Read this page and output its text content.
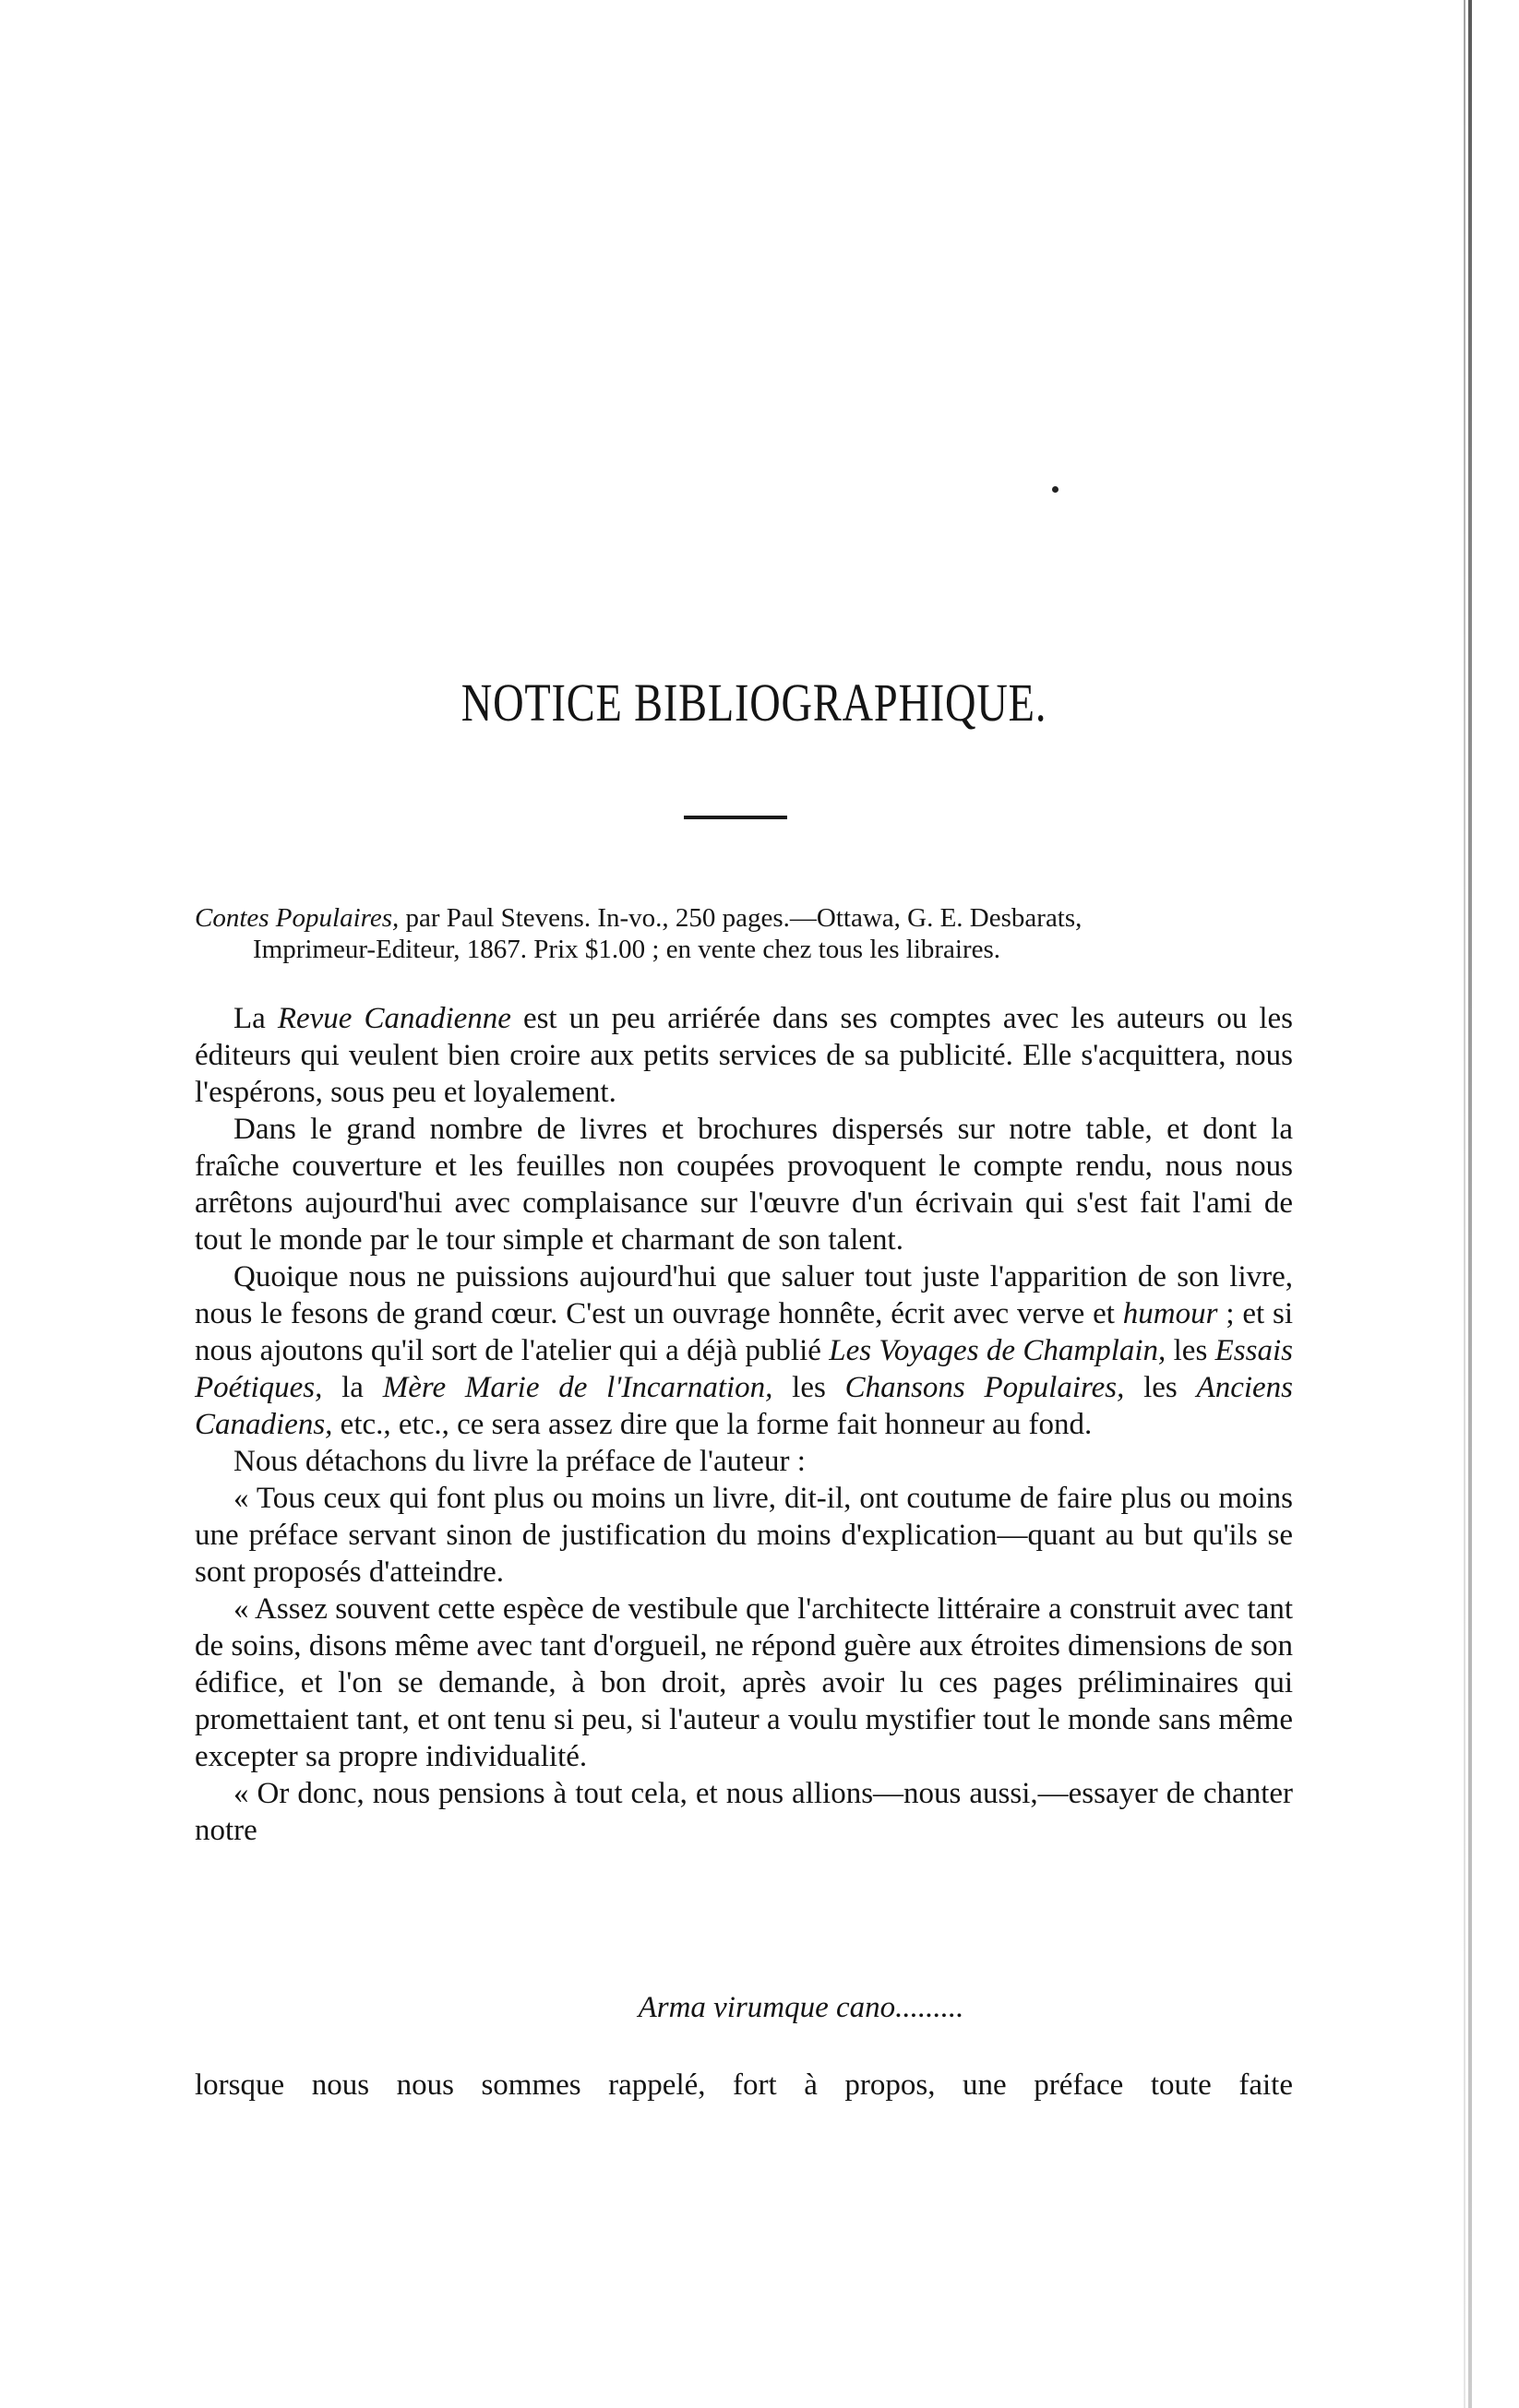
NOTICE BIBLIOGRAPHIQUE.
Contes Populaires, par Paul Stevens. In-vo., 250 pages.—Ottawa, G. E. Desbarats,
Imprimeur-Editeur, 1867. Prix $1.00 ; en vente chez tous les libraires.

La Revue Canadienne est un peu arriérée dans ses comptes avec les auteurs ou les éditeurs qui veulent bien croire aux petits services de sa publicité. Elle s'acquittera, nous l'espérons, sous peu et loyalement.

Dans le grand nombre de livres et brochures dispersés sur notre table, et dont la fraîche couverture et les feuilles non coupées provoquent le compte rendu, nous nous arrêtons aujourd'hui avec complaisance sur l'œuvre d'un écrivain qui s'est fait l'ami de tout le monde par le tour simple et charmant de son talent.

Quoique nous ne puissions aujourd'hui que saluer tout juste l'apparition de son livre, nous le fesons de grand cœur. C'est un ouvrage honnête, écrit avec verve et humour ; et si nous ajoutons qu'il sort de l'atelier qui a déjà publié Les Voyages de Champlain, les Essais Poétiques, la Mère Marie de l'Incarnation, les Chansons Populaires, les Anciens Canadiens, etc., etc., ce sera assez dire que la forme fait honneur au fond.

Nous détachons du livre la préface de l'auteur :

« Tous ceux qui font plus ou moins un livre, dit-il, ont coutume de faire plus ou moins une préface servant sinon de justification du moins d'explication—quant au but qu'ils se sont proposés d'atteindre.

« Assez souvent cette espèce de vestibule que l'architecte littéraire a construit avec tant de soins, disons même avec tant d'orgueil, ne répond guère aux étroites dimensions de son édifice, et l'on se demande, à bon droit, après avoir lu ces pages préliminaires qui promettaient tant, et ont tenu si peu, si l'auteur a voulu mystifier tout le monde sans même excepter sa propre individualité.

« Or donc, nous pensions à tout cela, et nous allions—nous aussi,—essayer de chanter notre

Arma virumque cano.........
lorsque nous nous sommes rappelé, fort à propos, une préface toute faite
